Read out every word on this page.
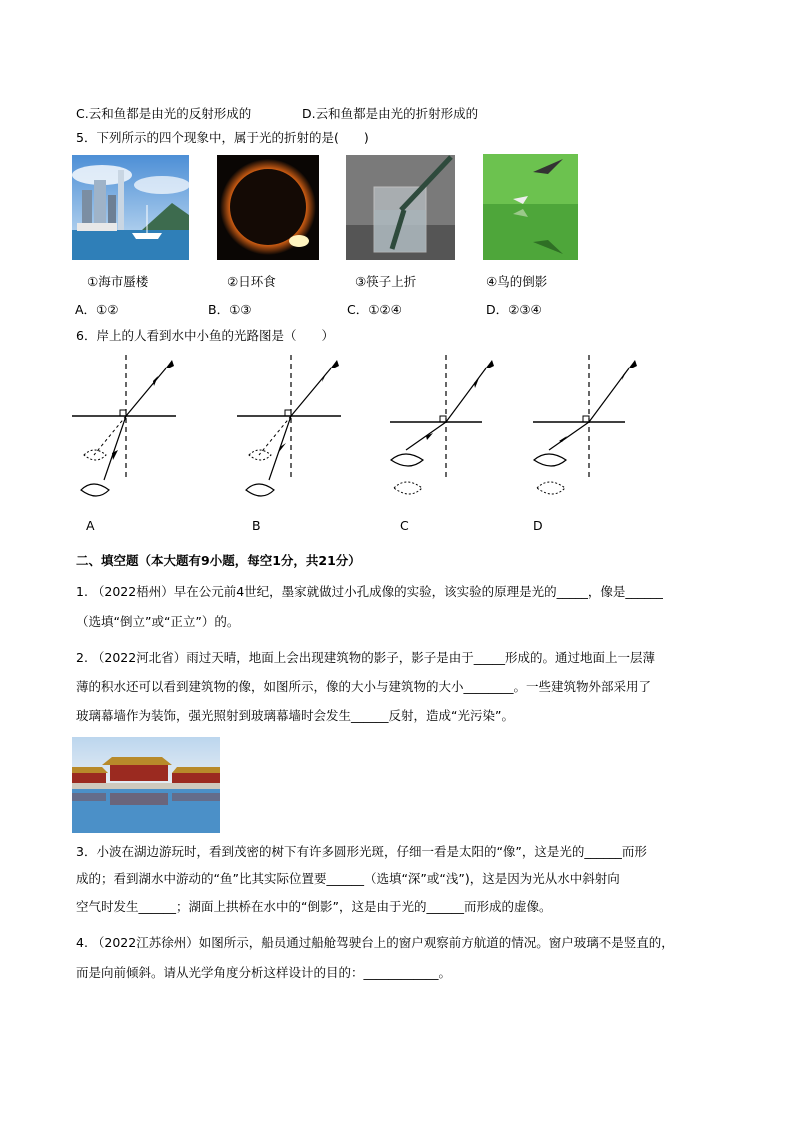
C.云和鱼都是由光的反射形成的	D.云和鱼都是由光的折射形成的
5．下列所示的四个现象中，属于光的折射的是(　　)
①海市蜃楼	②日环食	③筷子上折	④鸟的倒影
A．①②	B．①③	C．①②④	D．②③④
6．岸上的人看到水中小鱼的光路图是（　　）
A	B	C	D
二、填空题（本大题有9小题，每空1分，共21分）
1. （2022梧州）早在公元前4世纪，墨家就做过小孔成像的实验，该实验的原理是光的_____，像是______
（选填“倒立”或“正立”）的。
2. （2022河北省）雨过天晴，地面上会出现建筑物的影子，影子是由于_____形成的。通过地面上一层薄
薄的积水还可以看到建筑物的像，如图所示，像的大小与建筑物的大小________。一些建筑物外部采用了
玻璃幕墙作为装饰，强光照射到玻璃幕墙时会发生______反射，造成“光污染”。
3．小波在湖边游玩时，看到茂密的树下有许多圆形光斑，仔细一看是太阳的“像”，这是光的______而形
成的；看到湖水中游动的“鱼”比其实际位置要______（选填“深”或“浅”)，这是因为光从水中斜射向
空气时发生______；湖面上拱桥在水中的“倒影”，这是由于光的______而形成的虚像。
4. （2022江苏徐州）如图所示，船员通过船舱驾驶台上的窗户观察前方航道的情况。窗户玻璃不是竖直的，
而是向前倾斜。请从光学角度分析这样设计的目的：____________。
